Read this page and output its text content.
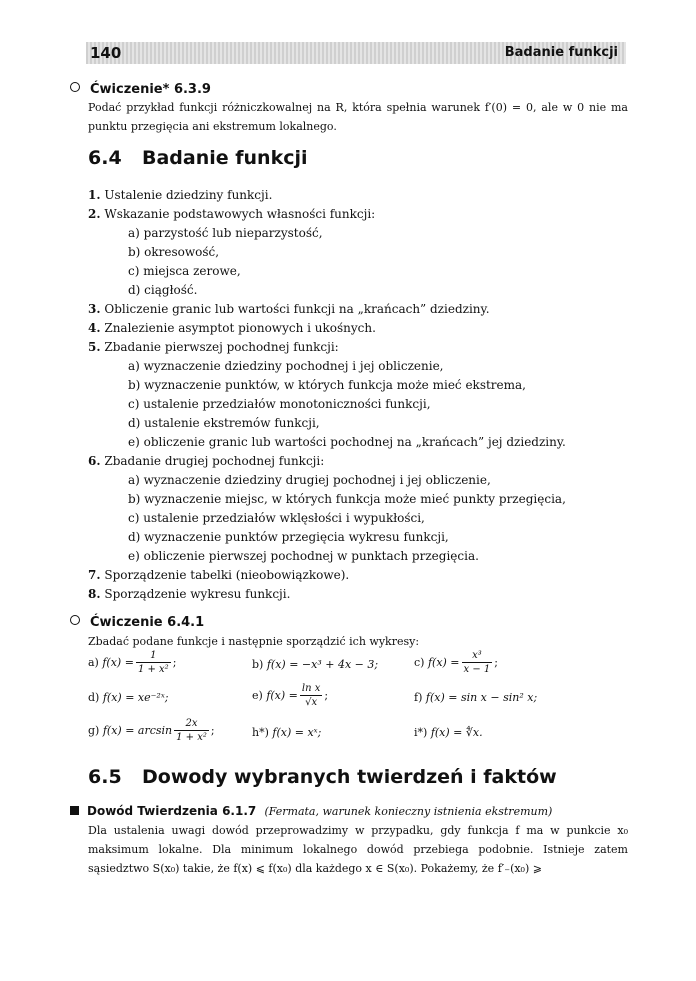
140	Badanie funkcji
Ćwiczenie* 6.3.9
Podać przykład funkcji różniczkowalnej na R, która spełnia warunek f′(0) = 0, ale w 0 nie ma punktu przegięcia ani ekstremum lokalnego.
6.4 Badanie funkcji
1. Ustalenie dziedziny funkcji.
2. Wskazanie podstawowych własności funkcji:
a) parzystość lub nieparzystość,
b) okresowość,
c) miejsca zerowe,
d) ciągłość.
3. Obliczenie granic lub wartości funkcji na „krańcach” dziedziny.
4. Znalezienie asymptot pionowych i ukośnych.
5. Zbadanie pierwszej pochodnej funkcji:
a) wyznaczenie dziedziny pochodnej i jej obliczenie,
b) wyznaczenie punktów, w których funkcja może mieć ekstrema,
c) ustalenie przedziałów monotoniczności funkcji,
d) ustalenie ekstremów funkcji,
e) obliczenie granic lub wartości pochodnej na „krańcach” jej dziedziny.
6. Zbadanie drugiej pochodnej funkcji:
a) wyznaczenie dziedziny drugiej pochodnej i jej obliczenie,
b) wyznaczenie miejsc, w których funkcja może mieć punkty przegięcia,
c) ustalenie przedziałów wklęsłości i wypukłości,
d) wyznaczenie punktów przegięcia wykresu funkcji,
e) obliczenie pierwszej pochodnej w punktach przegięcia.
7. Sporządzenie tabelki (nieobowiązkowe).
8. Sporządzenie wykresu funkcji.
Ćwiczenie 6.4.1
Zbadać podane funkcje i następnie sporządzić ich wykresy:
a) $f(x) = \frac{1}{\text{1 + x²}}$ ;	b) f(x) = −x³ + 4x − 3;	c) $f(x) = \frac{\text{x³}}{x - 1}$ ;
d) f(x) = xe⁻²ˣ;	e) $f(x) = \frac{\text{ln x}}{√x}$ ;	f) f(x) = sin x − sin² x;
g) $f(x) = \arcsin \frac{2x}{\text{1 + x²}}$ ;	h*) f(x) = xˣ;	i*) f(x) = ∜x.
6.5 Dowody wybranych twierdzeń i faktów
Dowód Twierdzenia 6.1.7 (Fermata, warunek konieczny istnienia ekstremum)
Dla ustalenia uwagi dowód przeprowadzimy w przypadku, gdy funkcja f ma w punkcie x₀ maksimum lokalne. Dla minimum lokalnego dowód przebiega podobnie. Istnieje zatem sąsiedztwo S(x₀) takie, że f(x) ⩽ f(x₀) dla każdego x ∈ S(x₀). Pokażemy, że f′₋(x₀) ⩾
